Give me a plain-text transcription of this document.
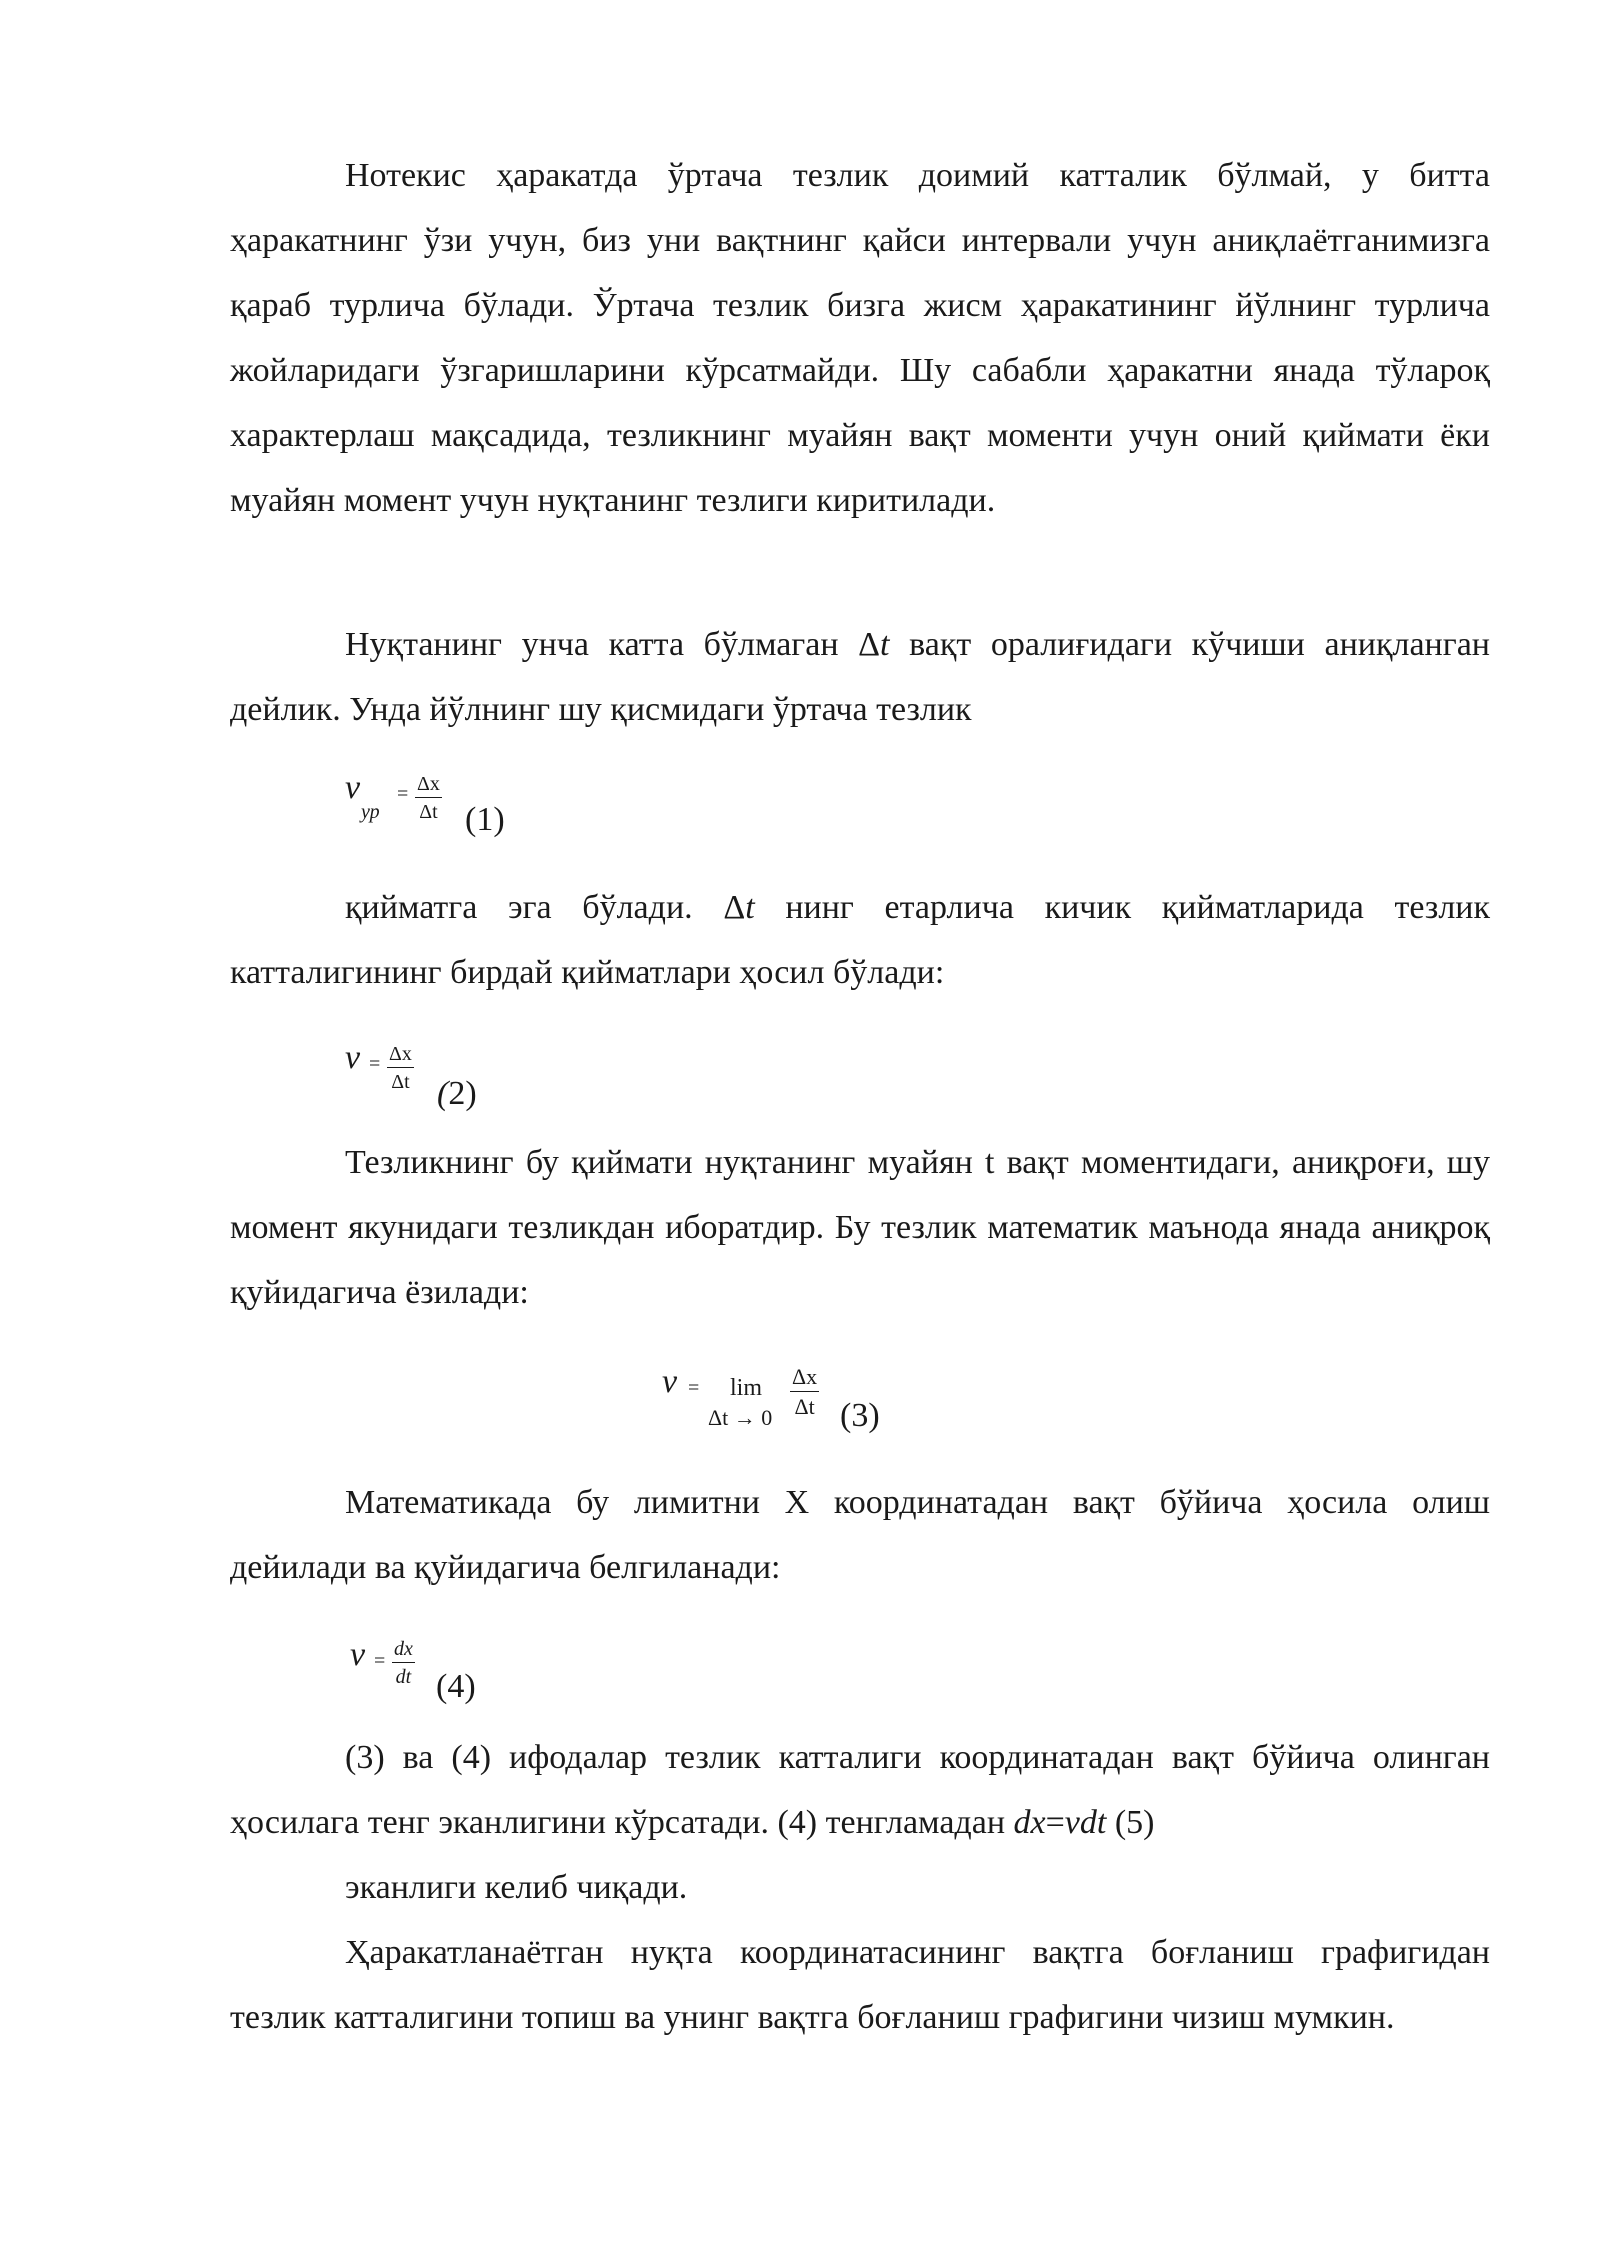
Нотекис ҳаракатда ўртача тезлик доимий катталик бўлмай, у битта ҳаракатнинг ўзи учун, биз уни вақтнинг қайси интервали учун аниқлаётганимизга қараб турлича бўлади. Ўртача тезлик бизга жисм ҳаракатининг йўлнинг турлича жойларидаги ўзгаришларини кўрсатмайди. Шу сабабли ҳаракатни янада тўлароқ характерлаш мақсадида, тезликнинг муайян вақт моменти учун оний қиймати ёки муайян момент учун нуқтанинг тезлиги киритилади.

Нуқтанинг унча катта бўлмаган Δt вақт оралиғидаги кўчиши аниқланган дейлик. Унда йўлнинг шу қисмидаги ўртача тезлик

v
ур
= $\frac{\Delta x}{\Delta t} (1)$

қийматга эга бўлади. Δt нинг етарлича кичик қийматларида тезлик катталигининг бирдай қийматлари ҳосил бўлади:

$v = \frac{\Delta x}{\Delta t}$
(2)

Тезликнинг бу қиймати нуқтанинг муайян t вақт моментидаги, аниқроғи, шу момент якунидаги тезликдан иборатдир. Бу тезлик математик маънода янада аниқроқ қуйидагича ёзилади:

v = lim
$\Delta t \to 0 \frac{\Delta x}{\Delta t} (3)$

Математикада бу лимитни X координатадан вақт бўйича ҳосила олиш дейилади ва қуйидагича белгиланади:

$v = \frac{dx}{dt} (4)$

(3) ва (4) ифодалар тезлик катталиги координатадан вақт бўйича олинган ҳосилага тенг эканлигини кўрсатади. (4) тенгламадан dx=vdt (5)

эканлиги келиб чиқади.

Ҳаракатланаётган нуқта координатасининг вақтга боғланиш графигидан тезлик катталигини топиш ва унинг вақтга боғланиш графигини чизиш мумкин.
